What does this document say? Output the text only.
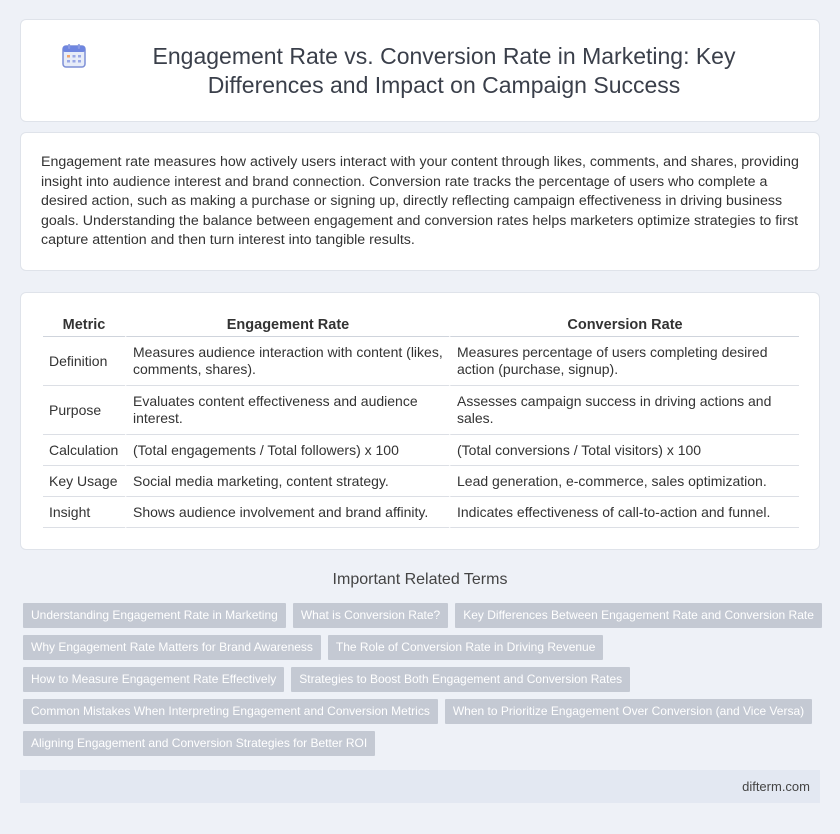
Engagement Rate vs. Conversion Rate in Marketing: Key Differences and Impact on Campaign Success

Engagement rate measures how actively users interact with your content through likes, comments, and shares, providing insight into audience interest and brand connection. Conversion rate tracks the percentage of users who complete a desired action, such as making a purchase or signing up, directly reflecting campaign effectiveness in driving business goals. Understanding the balance between engagement and conversion rates helps marketers optimize strategies to first capture attention and then turn interest into tangible results.

Metric	Engagement Rate	Conversion Rate
Definition	Measures audience interaction with content (likes, comments, shares).	Measures percentage of users completing desired action (purchase, signup).
Purpose	Evaluates content effectiveness and audience interest.	Assesses campaign success in driving actions and sales.
Calculation	(Total engagements / Total followers) x 100	(Total conversions / Total visitors) x 100
Key Usage	Social media marketing, content strategy.	Lead generation, e-commerce, sales optimization.
Insight	Shows audience involvement and brand affinity.	Indicates effectiveness of call-to-action and funnel.
Important Related Terms
Understanding Engagement Rate in Marketing	What is Conversion Rate?	Key Differences Between Engagement Rate and Conversion Rate
Why Engagement Rate Matters for Brand Awareness	The Role of Conversion Rate in Driving Revenue
How to Measure Engagement Rate Effectively	Strategies to Boost Both Engagement and Conversion Rates
Common Mistakes When Interpreting Engagement and Conversion Metrics	When to Prioritize Engagement Over Conversion (and Vice Versa)
Aligning Engagement and Conversion Strategies for Better ROI
difterm.com
